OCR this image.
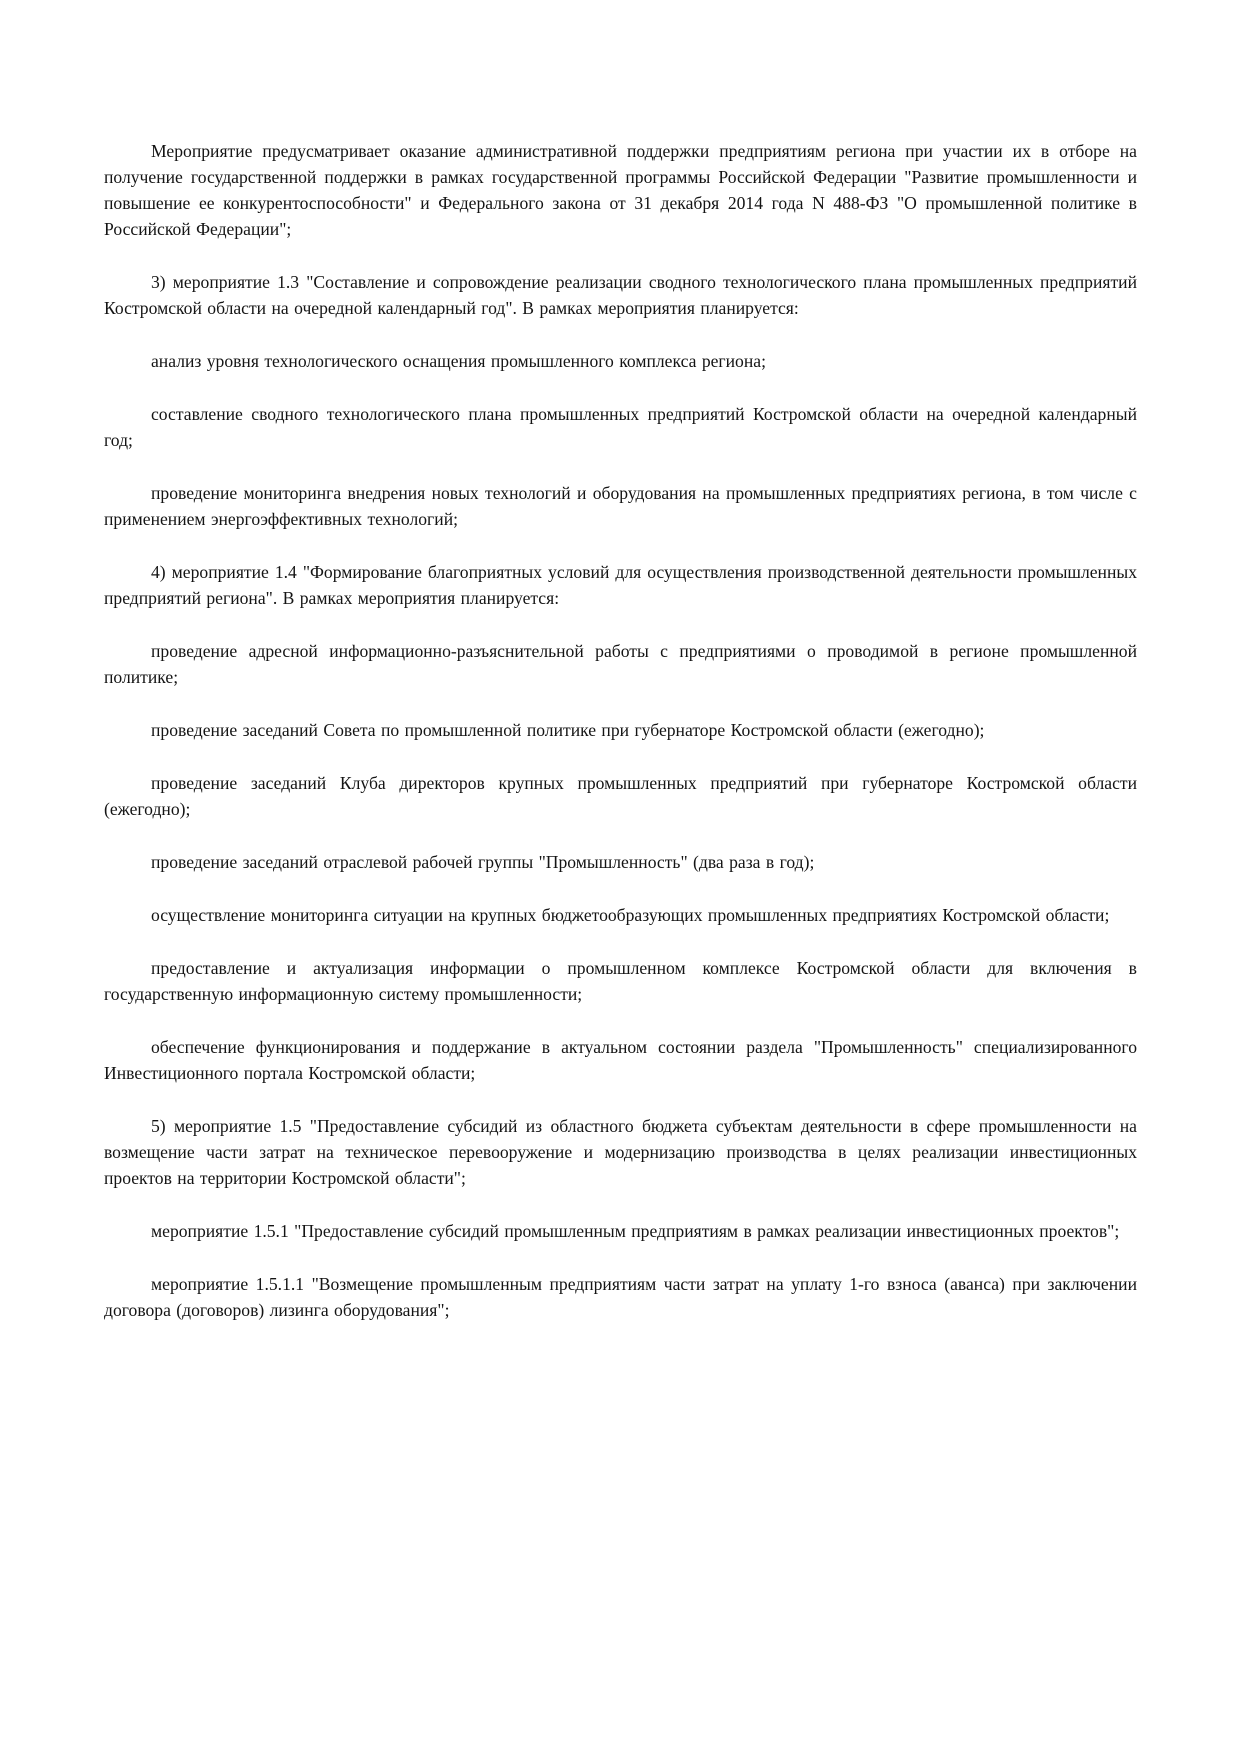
Мероприятие предусматривает оказание административной поддержки предприятиям региона при участии их в отборе на получение государственной поддержки в рамках государственной программы Российской Федерации "Развитие промышленности и повышение ее конкурентоспособности" и Федерального закона от 31 декабря 2014 года N 488-ФЗ "О промышленной политике в Российской Федерации";

3) мероприятие 1.3 "Составление и сопровождение реализации сводного технологического плана промышленных предприятий Костромской области на очередной календарный год". В рамках мероприятия планируется:

анализ уровня технологического оснащения промышленного комплекса региона;

составление сводного технологического плана промышленных предприятий Костромской области на очередной календарный год;

проведение мониторинга внедрения новых технологий и оборудования на промышленных предприятиях региона, в том числе с применением энергоэффективных технологий;

4) мероприятие 1.4 "Формирование благоприятных условий для осуществления производственной деятельности промышленных предприятий региона". В рамках мероприятия планируется:

проведение адресной информационно-разъяснительной работы с предприятиями о проводимой в регионе промышленной политике;

проведение заседаний Совета по промышленной политике при губернаторе Костромской области (ежегодно);

проведение заседаний Клуба директоров крупных промышленных предприятий при губернаторе Костромской области (ежегодно);

проведение заседаний отраслевой рабочей группы "Промышленность" (два раза в год);

осуществление мониторинга ситуации на крупных бюджетообразующих промышленных предприятиях Костромской области;

предоставление и актуализация информации о промышленном комплексе Костромской области для включения в государственную информационную систему промышленности;

обеспечение функционирования и поддержание в актуальном состоянии раздела "Промышленность" специализированного Инвестиционного портала Костромской области;

5) мероприятие 1.5 "Предоставление субсидий из областного бюджета субъектам деятельности в сфере промышленности на возмещение части затрат на техническое перевооружение и модернизацию производства в целях реализации инвестиционных проектов на территории Костромской области";

мероприятие 1.5.1 "Предоставление субсидий промышленным предприятиям в рамках реализации инвестиционных проектов";

мероприятие 1.5.1.1 "Возмещение промышленным предприятиям части затрат на уплату 1-го взноса (аванса) при заключении договора (договоров) лизинга оборудования";
